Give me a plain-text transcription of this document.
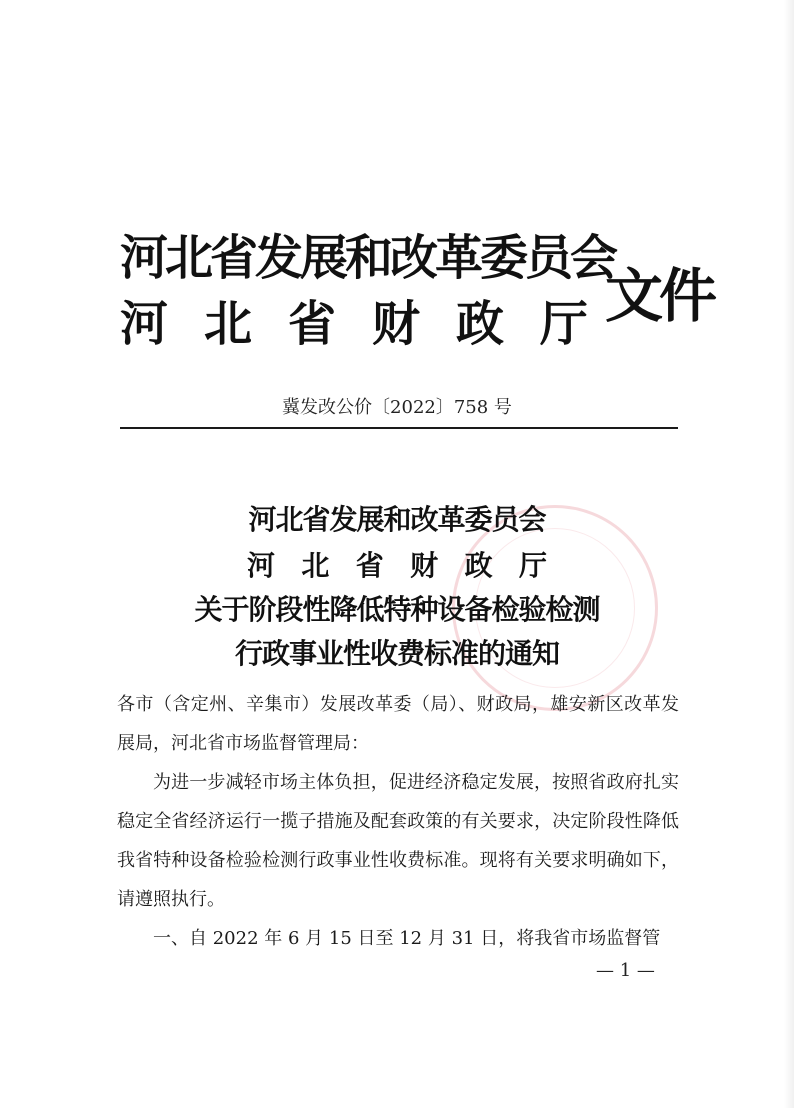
河北省发展和改革委员会
河 北 省 财 政 厅 文件
冀发改公价〔2022〕758 号
河北省发展和改革委员会
河 北 省 财 政 厅
关于阶段性降低特种设备检验检测
行政事业性收费标准的通知

各市（含定州、辛集市）发展改革委（局）、财政局，雄安新区改革发展局，河北省市场监督管理局：

为进一步减轻市场主体负担，促进经济稳定发展，按照省政府扎实稳定全省经济运行一揽子措施及配套政策的有关要求，决定阶段性降低我省特种设备检验检测行政事业性收费标准。现将有关要求明确如下，请遵照执行。

一、自 2022 年 6 月 15 日至 12 月 31 日，将我省市场监督管

— 1 —
